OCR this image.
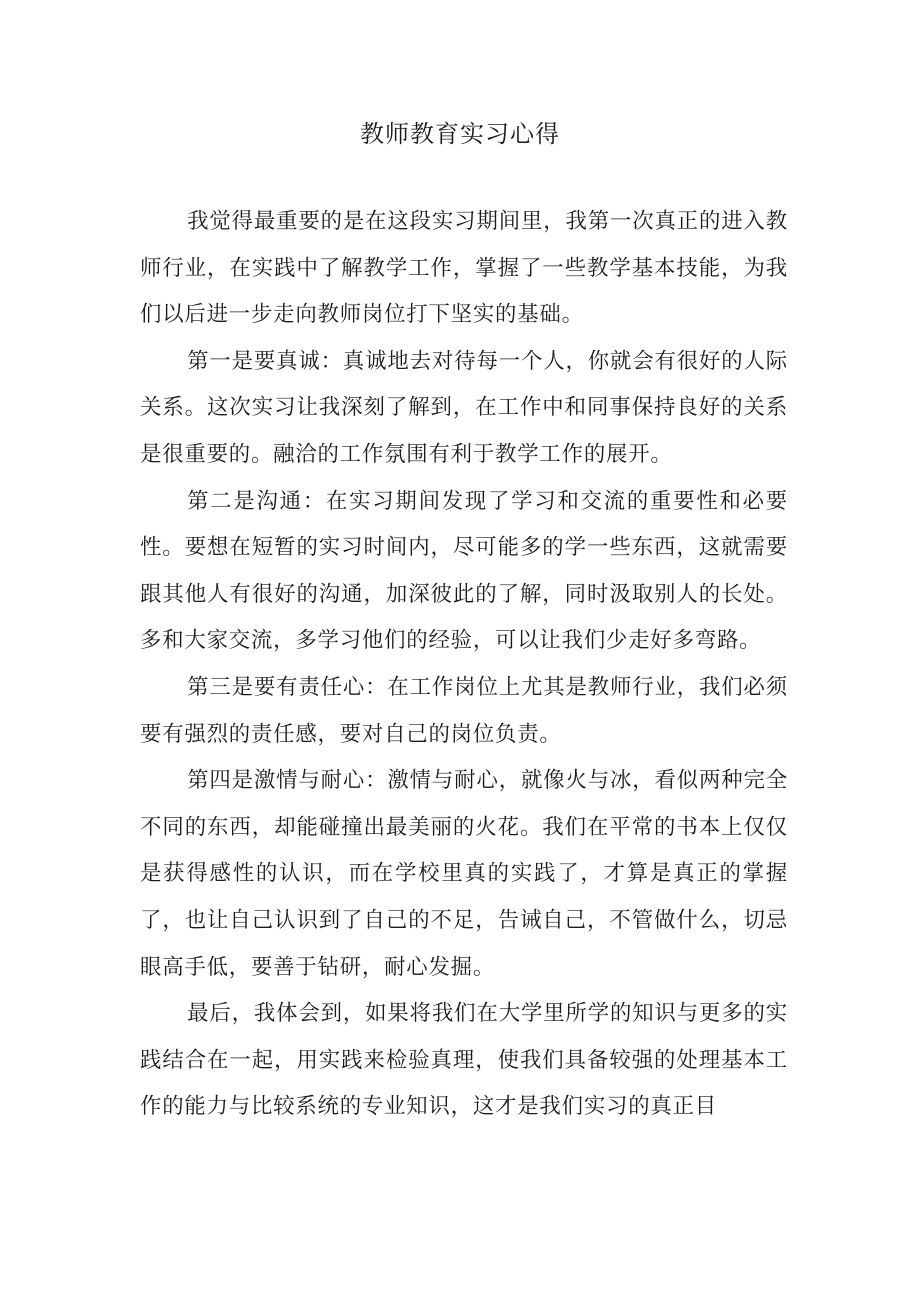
教师教育实习心得

我觉得最重要的是在这段实习期间里，我第一次真正的进入教师行业，在实践中了解教学工作，掌握了一些教学基本技能，为我们以后进一步走向教师岗位打下坚实的基础。

第一是要真诚：真诚地去对待每一个人，你就会有很好的人际关系。这次实习让我深刻了解到，在工作中和同事保持良好的关系是很重要的。融洽的工作氛围有利于教学工作的展开。

第二是沟通：在实习期间发现了学习和交流的重要性和必要性。要想在短暂的实习时间内，尽可能多的学一些东西，这就需要跟其他人有很好的沟通，加深彼此的了解，同时汲取别人的长处。多和大家交流，多学习他们的经验，可以让我们少走好多弯路。

第三是要有责任心：在工作岗位上尤其是教师行业，我们必须要有强烈的责任感，要对自己的岗位负责。

第四是激情与耐心：激情与耐心，就像火与冰，看似两种完全不同的东西，却能碰撞出最美丽的火花。我们在平常的书本上仅仅是获得感性的认识，而在学校里真的实践了，才算是真正的掌握了，也让自己认识到了自己的不足，告诫自己，不管做什么，切忌眼高手低，要善于钻研，耐心发掘。

最后，我体会到，如果将我们在大学里所学的知识与更多的实践结合在一起，用实践来检验真理，使我们具备较强的处理基本工作的能力与比较系统的专业知识，这才是我们实习的真正目
